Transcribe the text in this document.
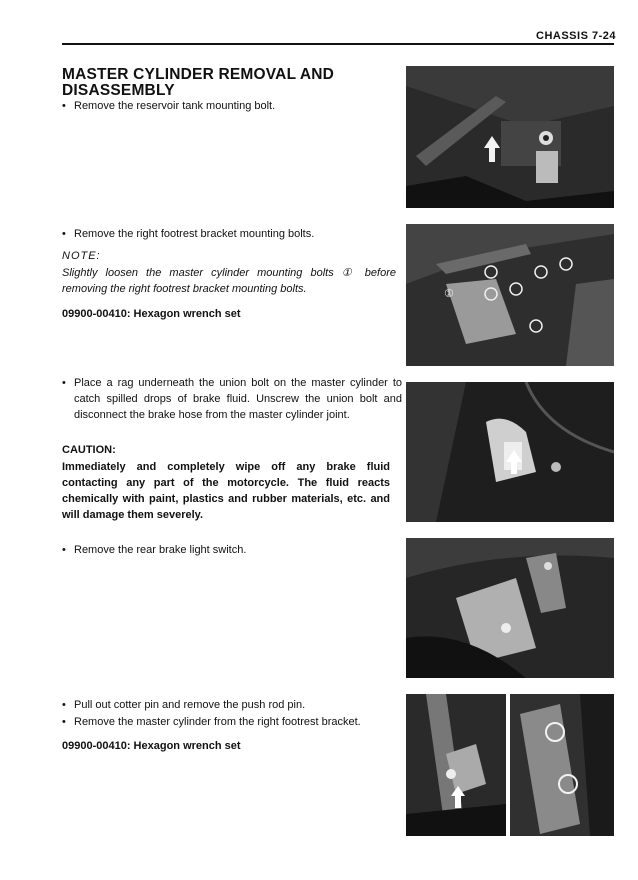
CHASSIS 7-24
MASTER CYLINDER REMOVAL AND DISASSEMBLY
• Remove the reservoir tank mounting bolt.
• Remove the right footrest bracket mounting bolts.
NOTE:
Slightly loosen the master cylinder mounting bolts ① before removing the right footrest bracket mounting bolts.
09900-00410: Hexagon wrench set
• Place a rag underneath the union bolt on the master cylinder to catch spilled drops of brake fluid. Unscrew the union bolt and disconnect the brake hose from the master cylinder joint.
CAUTION:
Immediately and completely wipe off any brake fluid contacting any part of the motorcycle. The fluid reacts chemically with paint, plastics and rubber materials, etc. and will damage them severely.
• Remove the rear brake light switch.
• Pull out cotter pin and remove the push rod pin.
• Remove the master cylinder from the right footrest bracket.
09900-00410: Hexagon wrench set
①
